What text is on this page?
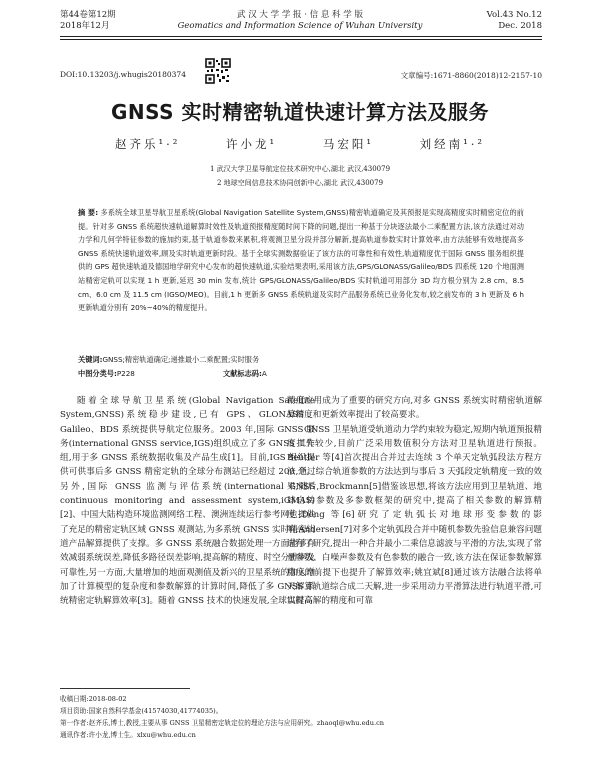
第44卷第12期
2018年12月
武 汉 大 学 学 报 · 信 息 科 学 版
Geomatics and Information Science of Wuhan University
Vol.43 No.12
Dec. 2018
DOI:10.13203/j.whugis20180374	文章编号:1671-8860(2018)12-2157-10
GNSS 实时精密轨道快速计算方法及服务
赵齐乐¹·²	许小龙¹	马宏阳¹	刘经南¹·²
1 武汉大学卫星导航定位技术研究中心,湖北 武汉,430079
2 地球空间信息技术协同创新中心,湖北 武汉,430079
摘 要: 多系统全球卫星导航卫星系统(Global Navigation Satellite System,GNSS)精密轨道确定及其预报是实现高精度实时精密定位的前提。针对多 GNSS 系统超快速轨道解算时效性及轨道预报精度随时间下降的问题,提出一种基于分块逐法最小二乘配置方法,该方法通过对动力学和几何学特征参数的施加约束,基于轨道参数来累积,将观测卫星分段并部分解新,提高轨道参数实时计算效率,由方法能够有效地提高多 GNSS 系统快速轨道效率,顾及实时轨道更新时段。基于全球实测数据验证了该方法的可靠性和有效性,轨道精度优于国际 GNSS 服务组织提供的 GPS 超快速轨道及德国地学研究中心发布的超快速轨道,实验结果表明,采用该方法,GPS/GLONASS/Galileo/BDS 四系统 120 个地面测站精密定轨可以实现 1 h 更新,延迟 30 min 发布,统计 GPS/GLONASS/Galileo/BDS 实时轨道可用部分 3D 均方根分别为 2.8 cm、8.5 cm、6.0 cm 及 11.5 cm (IGSO/MEO)。目前,1 h 更新多 GNSS 系统轨道及实时产品服务系统已业务化发布,较之前发布的 3 h 更新及 6 h 更新轨道分别有 20%~40%的精度提升。
关键词:GNSS;精密轨道确定;递推最小二乘配置;实时服务
中图分类号:P228	文献标志码:A

随着全球导航卫星系统(Global Navigation Satellite System,GNSS)系统稳步建设,已有 GPS、GLONASS、Galileo、BDS 系统提供导航定位服务。2003 年,国际 GNSS 服务(international GNSS service,IGS)组织成立了多 GNSS 工作组,用于多 GNSS 系统数据收集及产品生成[1]。目前,IGS 组织提供可供事后多 GNSS 精密定轨的全球分布测站已经超过 200 个。另外,国际 GNSS 监测与评估系统(international GNSS continuous monitoring and assessment system,iGMAS)[2]、中国大陆构造环境监测网络工程、澳洲连续运行参考网也提供了充足的精密定轨区域 GNSS 观测站,为多系统 GNSS 实时精密轨道产品解算提供了支撑。多 GNSS 系统融合数据处理一方面能够有效减弱系统误差,降低多路径误差影响,提高解的精度、时空分辨率及可靠性,另一方面,大量增加的地面观测值及新兴的卫星系统的加入增加了计算模型的复杂度和参数解算的计算时间,降低了多 GNSS 系统精密定轨解算效率[3]。随着 GNSS 技术的快速发展,全球实时高

精度应用成为了重要的研究方向,对多 GNSS 系统实时精密轨道解算精度和更新效率提出了较高要求。

GNSS 卫星轨道受轨道动力学约束较为稳定,短期内轨道预报精度损失较少,目前广泛采用数值积分方法对卫星轨道进行预报。Beutler 等[4]首次提出合并过去连续 3 个单天定轨弧段法方程方法,通过综合轨道参数的方法达到与事后 3 天弧段定轨精度一致的效果;随后,Brockmann[5]借鉴该思想,将该方法应用到卫星轨道、地球自转参数及多参数框架的研究中,提高了相关参数的解算精度;Dong 等[6]研究了定轨弧长对地球形变参数的影响;Andersen[7]对多个定轨弧段合并中随机参数先验信息兼容问题进行了研究,提出一种合并最小二乘信息滤波与平滑的方法,实现了常量参数、白噪声参数及有色参数的融合一致,该方法在保证参数解算精度的前提下也提升了解算效率;姚宜斌[8]通过该方法融合法将单天解算轨道综合成二天解,进一步采用动力平滑算法进行轨道平滑,可以提高解的精度和可靠

收稿日期:2018-08-02
项目资助:国家自然科学基金(41574030,41774035)。
第一作者:赵齐乐,博士,教授,主要从事 GNSS 卫星精密定轨定位的理论方法与应用研究。zhaoql@whu.edu.cn
通讯作者:许小龙,博士生。xlxu@whu.edu.cn
